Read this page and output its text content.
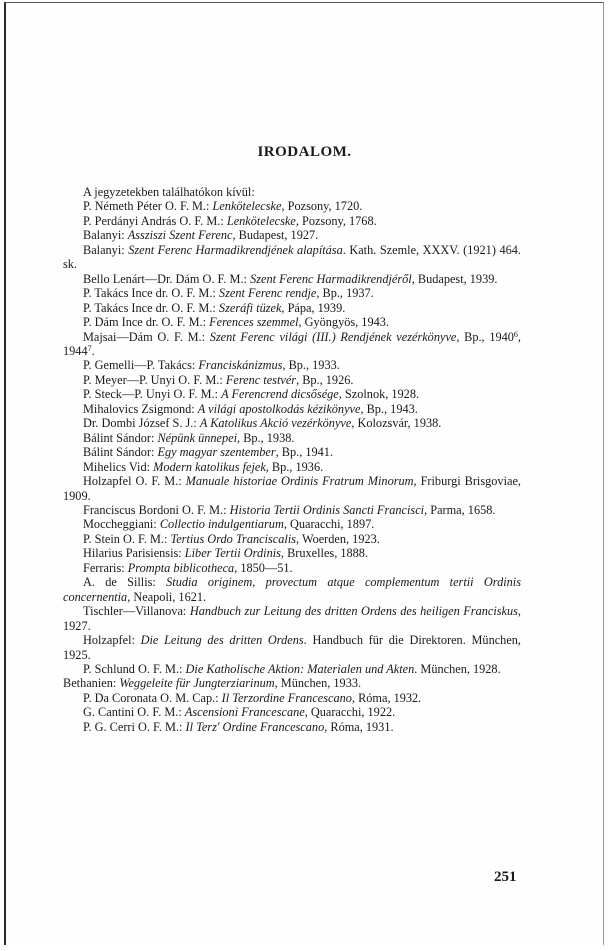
IRODALOM.

A jegyzetekben találhatókon kívül:

P. Németh Péter O. F. M.: Lenkötelecske, Pozsony, 1720.

P. Perdányi András O. F. M.: Lenkötelecske, Pozsony, 1768.

Balanyi: Assziszi Szent Ferenc, Budapest, 1927.

Balanyi: Szent Ferenc Harmadikrendjének alapítása. Kath. Szemle, XXXV. (1921) 464. sk.

Bello Lenárt—Dr. Dám O. F. M.: Szent Ferenc Harmadikrendjéről, Budapest, 1939.

P. Takács Ince dr. O. F. M.: Szent Ferenc rendje, Bp., 1937.

P. Takács Ince dr. O. F. M.: Szeráfi tüzek, Pápa, 1939.

P. Dám Ince dr. O. F. M.: Ferences szemmel, Gyöngyös, 1943.

Majsai—Dám O. F. M.: Szent Ferenc világi (III.) Rendjének vezérkönyve, Bp., 1940$^6$, 1944$^7$.

P. Gemelli—P. Takács: Franciskánizmus, Bp., 1933.

P. Meyer—P. Unyi O. F. M.: Ferenc testvér, Bp., 1926.

P. Steck—P. Unyi O. F. M.: A Ferencrend dicsősége, Szolnok, 1928.

Mihalovics Zsigmond: A világi apostolkodás kézikönyve, Bp., 1943.

Dr. Dombi József S. J.: A Katolikus Akció vezérkönyve, Kolozsvár, 1938.

Bálint Sándor: Népünk ünnepei, Bp., 1938.

Bálint Sándor: Egy magyar szentember, Bp., 1941.

Mihelics Vid: Modern katolikus fejek, Bp., 1936.

Holzapfel O. F. M.: Manuale historiae Ordinis Fratrum Minorum, Friburgi Brisgoviae, 1909.

Franciscus Bordoni O. F. M.: Historia Tertii Ordinis Sancti Francisci, Parma, 1658.

Moccheggiani: Collectio indulgentiarum, Quaracchi, 1897.

P. Stein O. F. M.: Tertius Ordo Tranciscalis, Woerden, 1923.

Hilarius Parisiensis: Liber Tertii Ordinis, Bruxelles, 1888.

Ferraris: Prompta biblicotheca, 1850—51.

A. de Sillis: Studia originem, provectum atque complementum tertii Ordinis concernentia, Neapoli, 1621.

Tischler—Villanova: Handbuch zur Leitung des dritten Ordens des heiligen Franciskus, 1927.

Holzapfel: Die Leitung des dritten Ordens. Handbuch für die Direktoren. München, 1925.

P. Schlund O. F. M.: Die Katholische Aktion: Materialen und Akten. München, 1928.

Bethanien: Weggeleite für Jungterziarinum, München, 1933.

P. Da Coronata O. M. Cap.: Il Terzordine Francescano, Róma, 1932.

G. Cantini O. F. M.: Ascensioni Francescane, Quaracchi, 1922.

P. G. Cerri O. F. M.: Il Terz' Ordine Francescano, Róma, 1931.

251
